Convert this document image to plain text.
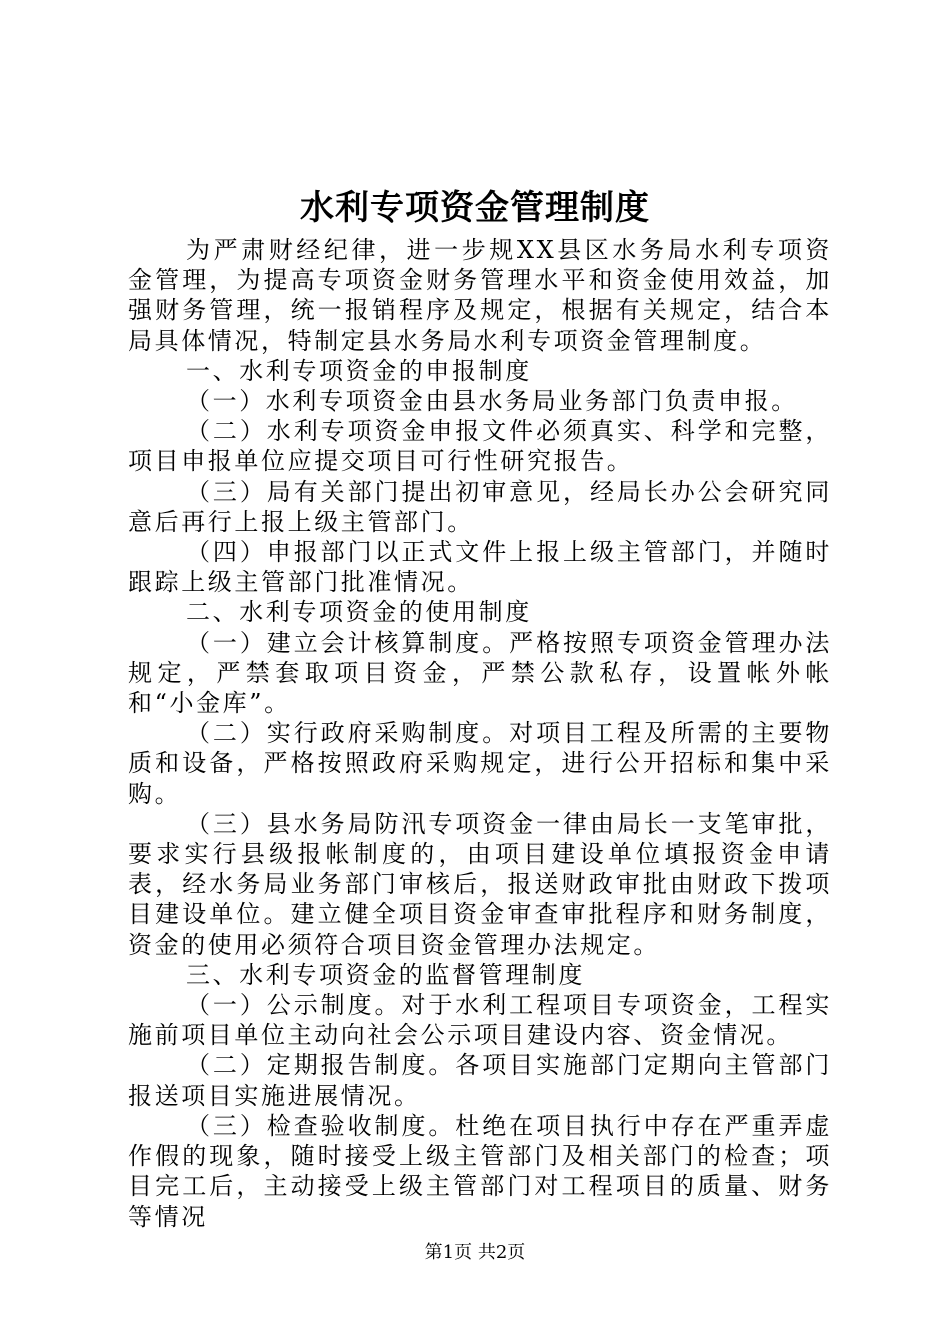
水利专项资金管理制度

为严肃财经纪律，进一步规XX县区水务局水利专项资金管理，为提高专项资金财务管理水平和资金使用效益，加强财务管理，统一报销程序及规定，根据有关规定，结合本局具体情况，特制定县水务局水利专项资金管理制度。

一、水利专项资金的申报制度

（一）水利专项资金由县水务局业务部门负责申报。

（二）水利专项资金申报文件必须真实、科学和完整，项目申报单位应提交项目可行性研究报告。

（三）局有关部门提出初审意见，经局长办公会研究同意后再行上报上级主管部门。

（四）申报部门以正式文件上报上级主管部门，并随时跟踪上级主管部门批准情况。

二、水利专项资金的使用制度

（一）建立会计核算制度。严格按照专项资金管理办法规定，严禁套取项目资金，严禁公款私存，设置帐外帐和“小金库”。

（二）实行政府采购制度。对项目工程及所需的主要物质和设备，严格按照政府采购规定，进行公开招标和集中采购。

（三）县水务局防汛专项资金一律由局长一支笔审批，要求实行县级报帐制度的，由项目建设单位填报资金申请表，经水务局业务部门审核后，报送财政审批由财政下拨项目建设单位。建立健全项目资金审查审批程序和财务制度，资金的使用必须符合项目资金管理办法规定。

三、水利专项资金的监督管理制度

（一）公示制度。对于水利工程项目专项资金，工程实施前项目单位主动向社会公示项目建设内容、资金情况。

（二）定期报告制度。各项目实施部门定期向主管部门报送项目实施进展情况。

（三）检查验收制度。杜绝在项目执行中存在严重弄虚作假的现象，随时接受上级主管部门及相关部门的检查；项目完工后，主动接受上级主管部门对工程项目的质量、财务等情况

第1页 共2页
